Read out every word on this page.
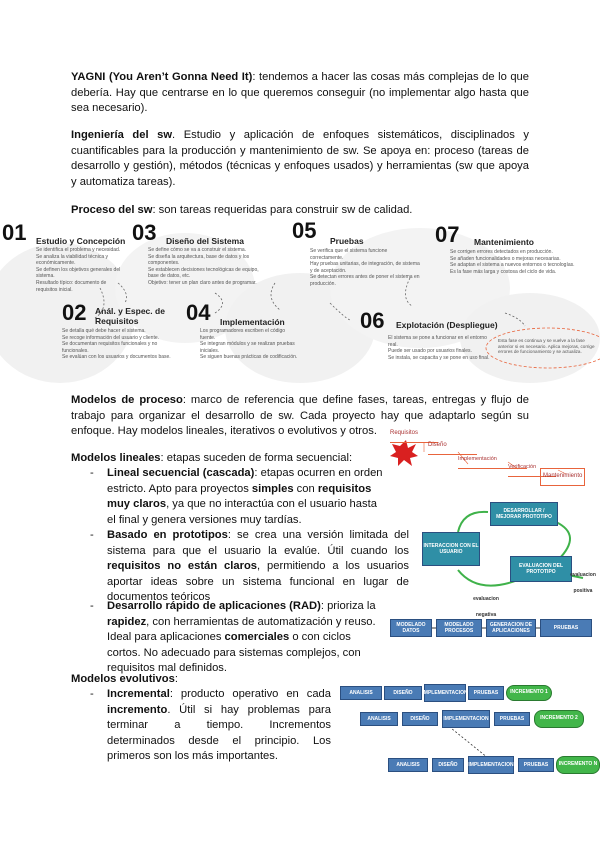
YAGNI (You Aren’t Gonna Need It): tendemos a hacer las cosas más complejas de lo que debería. Hay que centrarse en lo que queremos conseguir (no implementar algo hasta que sea necesario).
Ingeniería del sw. Estudio y aplicación de enfoques sistemáticos, disciplinados y cuantificables para la producción y mantenimiento de sw. Se apoya en: proceso (tareas de desarrollo y gestión), métodos (técnicas y enfoques usados) y herramientas (sw que apoya y automatiza tareas).
Proceso del sw: son tareas requeridas para construir sw de calidad.
01 Estudio y Concepción
Se identifica el problema y necesidad.
Se analiza la viabilidad técnica y económicamente.
Se definen los objetivos generales del sistema.
Resultado típico: documento de requisitos inicial.
02 Anál. y Espec. de Requisitos
Se detalla qué debe hacer el sistema.
Se recoge información del usuario y cliente.
Se documentan requisitos funcionales y no funcionales.
Se evalúan con los usuarios y documentos base.
03 Diseño del Sistema
Se define cómo se va a construir el sistema.
Se diseña la arquitectura, base de datos y los componentes.
Se establecen decisiones tecnológicas de equipo, base de datos, etc.
Objetivo: tener un plan claro antes de programar.
04 Implementación
Los programadores escriben el código fuente.
Se integran módulos y se realizan pruebas iniciales.
Se siguen buenas prácticas de codificación.
05 Pruebas
Se verifica que el sistema funcione correctamente.
Hay pruebas unitarias, de integración, de sistema y de aceptación.
Se detectan errores antes de poner el sistema en producción.
06 Explotación (Despliegue)
El sistema se pone a funcionar en el entorno real.
Puede ser usado por usuarios finales.
Se instala, se capacita y se pone en uso final.
07 Mantenimiento
Se corrigen errores detectados en producción.
Se añaden funcionalidades o mejoras necesarias.
Se adaptan el sistema a nuevos entornos o tecnologías.
Es la fase más larga y costosa del ciclo de vida.
Esta fase es continua y se vuelve a la fase anterior si es necesario. Aplica mejoras, corrige errores de funcionamiento y se actualiza.
Modelos de proceso: marco de referencia que define fases, tareas, entregas y flujo de trabajo para organizar el desarrollo de sw. Cada proyecto hay que adaptarlo según su enfoque. Hay modelos lineales, iterativos o evolutivos y otros.
Modelos lineales: etapas suceden de forma secuencial:
- Lineal secuencial (cascada): etapas ocurren en orden estricto. Apto para proyectos simples con requisitos muy claros, ya que no interactúa con el usuario hasta el final y genera versiones muy tardías.
- Basado en prototipos: se crea una versión limitada del sistema para que el usuario la evalúe. Útil cuando los requisitos no están claros, permitiendo a los usuarios aportar ideas sobre un sistema funcional en lugar de documentos teóricos
- Desarrollo rápido de aplicaciones (RAD): prioriza la rapidez, con herramientas de automatización y reuso. Ideal para aplicaciones comerciales o con ciclos cortos. No adecuado para sistemas complejos, con requisitos mal definidos.
Modelos evolutivos:
- Incremental: producto operativo en cada incremento. Útil si hay problemas para terminar a tiempo. Incrementos determinados desde el principio. Los primeros son los más importantes.
Requisitos
Diseño
Implementación
Verificación
Mantenimiento
DESARROLLAR / MEJORAR PROTOTIPO
INTERACCION CON EL USUARIO
EVALUACION DEL PROTOTIPO
evaluacion negativa
evaluacion positiva
MODELADO DATOS
MODELADO PROCESOS
GENERACION DE APLICACIONES	PRUEBAS
ANALISIS	DISEÑO	IMPLEMENTACION	PRUEBAS	INCREMENTO 1
ANALISIS	DISEÑO	IMPLEMENTACION	PRUEBAS	INCREMENTO 2
ANALISIS	DISEÑO	IMPLEMENTACION	PRUEBAS	INCREMENTO N
